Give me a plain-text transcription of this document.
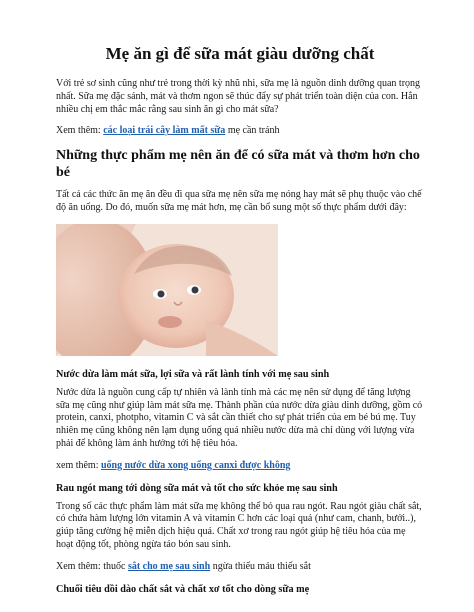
Mẹ ăn gì để sữa mát giàu dưỡng chất

Với trẻ sơ sinh cũng như trẻ trong thời kỳ nhũ nhi, sữa mẹ là nguồn dinh dưỡng quan trọng nhất. Sữa mẹ đặc sánh, mát và thơm ngon sẽ thúc đẩy sự phát triển toàn diện của con. Hẳn nhiều chị em thắc mắc rằng sau sinh ăn gì cho mát sữa?

Xem thêm: các loại trái cây làm mất sữa mẹ cần tránh

Những thực phẩm mẹ nên ăn để có sữa mát và thơm hơn cho bé

Tất cả các thức ăn mẹ ăn đều đi qua sữa mẹ nên sữa mẹ nóng hay mát sẽ phụ thuộc vào chế độ ăn uống. Do đó, muốn sữa mẹ mát hơn, mẹ cần bổ sung một số thực phẩm dưới đây:

Nước dừa làm mát sữa, lợi sữa và rất lành tính với mẹ sau sinh

Nước dừa là nguồn cung cấp tự nhiên và lành tính mà các mẹ nên sử dụng để tăng lượng sữa mẹ cũng như giúp làm mát sữa mẹ. Thành phần của nước dừa giàu dinh dưỡng, gồm có protein, canxi, photpho, vitamin C và sắt cần thiết cho sự phát triển của em bé bú mẹ. Tuy nhiên mẹ cũng không nên lạm dụng uống quá nhiều nước dừa mà chỉ dùng với lượng vừa phải để không làm ảnh hưởng tới hệ tiêu hóa.

xem thêm: uống nước dừa xong uống canxi được không

Rau ngót mang tới dòng sữa mát và tốt cho sức khỏe mẹ sau sinh

Trong số các thực phẩm làm mát sữa mẹ không thể bỏ qua rau ngót. Rau ngót giàu chất sắt, có chứa hàm lượng lớn vitamin A và vitamin C hơn các loại quả (như cam, chanh, bưởi..), giúp tăng cường hệ miễn dịch hiệu quả. Chất xơ trong rau ngót giúp hệ tiêu hóa của mẹ hoạt động tốt, phòng ngừa táo bón sau sinh.

Xem thêm: thuốc sắt cho mẹ sau sinh ngừa thiếu máu thiếu sắt

Chuối tiêu dồi dào chất sắt và chất xơ tốt cho dòng sữa mẹ
